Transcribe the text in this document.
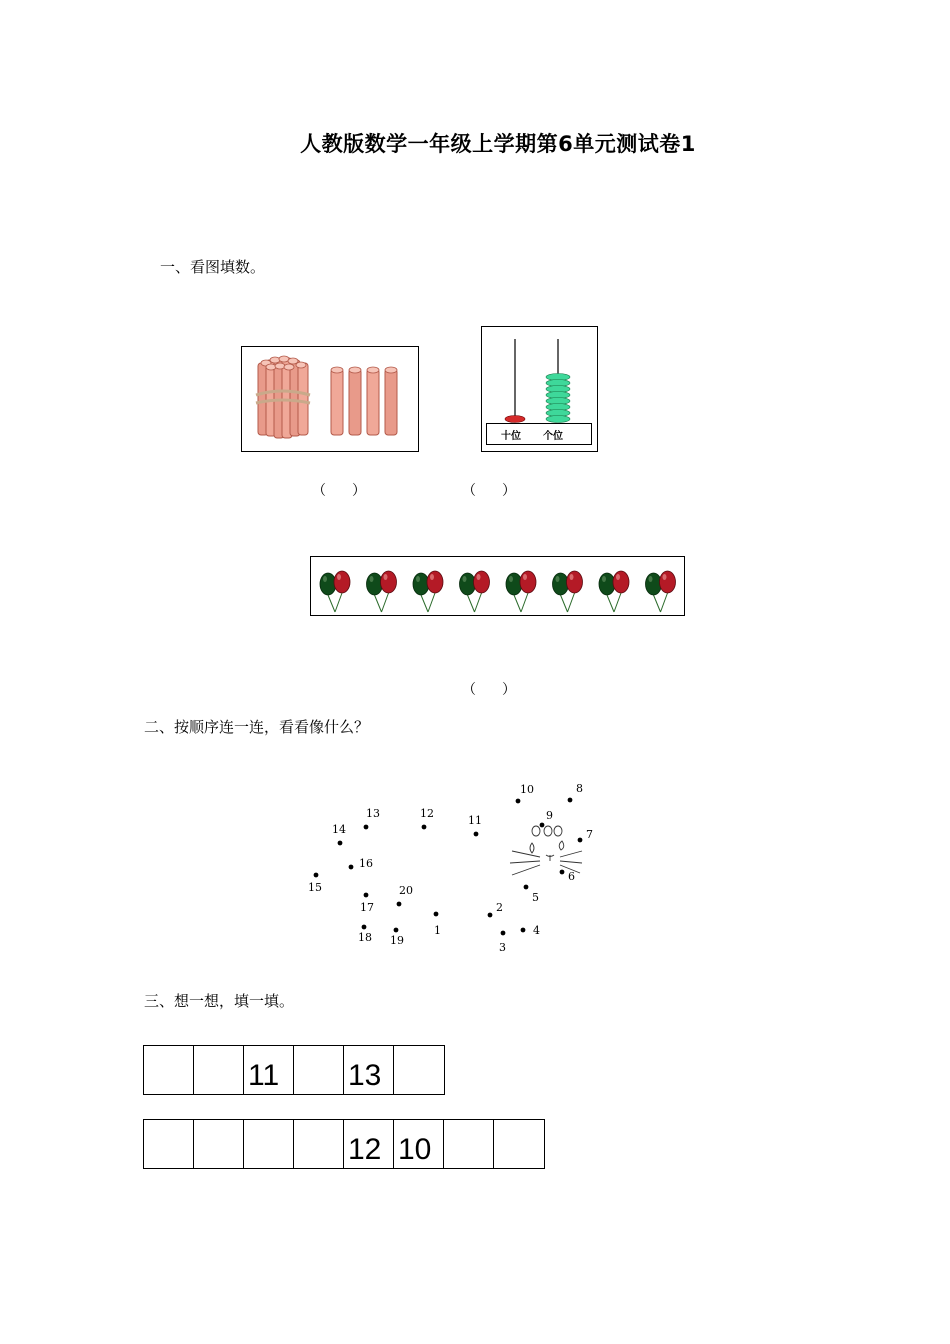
人教版数学一年级上学期第6单元测试卷1
一、看图填数。
十位 个位
（　）	（　）
（　）
二、按顺序连一连，看看像什么？
1
2
3
4
5
6
7
8
9
10
11
12
13
14
15
16
17
18 19
20
三、想一想，填一填。
11	13
12 10
